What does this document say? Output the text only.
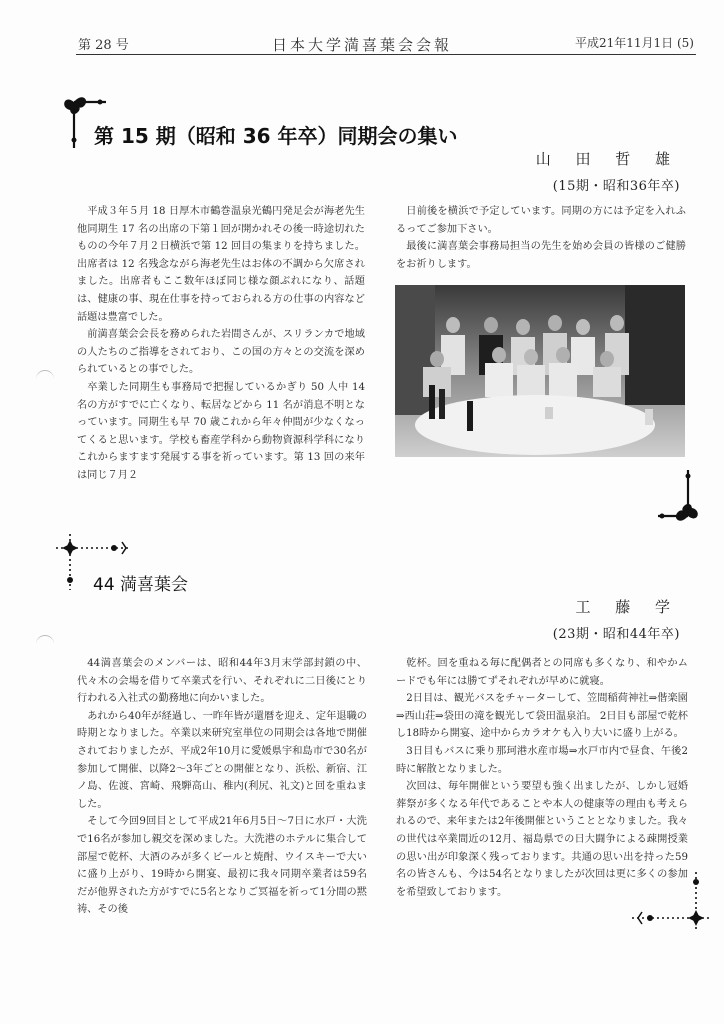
第 28 号	日本大学満喜葉会会報	平成21年11月1日 (5)
第 15 期（昭和 36 年卒）同期会の集い
山 田 哲 雄
(15期・昭和36年卒)

平成３年５月 18 日厚木市鶴巻温泉光鶴円発足会が海老先生他同期生 17 名の出席の下第１回が開かれその後一時途切れたものの今年７月２日横浜で第 12 回目の集まりを持ちました。出席者は 12 名残念ながら海老先生はお体の不調から欠席されました。出席者もここ数年ほぼ同じ様な顔ぶれになり、話題は、健康の事、現在仕事を持っておられる方の仕事の内容など話題は豊富でした。

前満喜葉会会長を務められた岩間さんが、スリランカで地域の人たちのご指導をされており、この国の方々との交流を深められているとの事でした。

卒業した同期生も事務局で把握しているかぎり 50 人中 14 名の方がすでに亡くなり、転居などから 11 名が消息不明となっています。同期生も早 70 歳これから年々仲間が少なくなってくると思います。学校も畜産学科から動物資源科学科になりこれからますます発展する事を祈っています。第 13 回の来年は同じ７月２

日前後を横浜で予定しています。同期の方には予定を入れふるってご参加下さい。

最後に満喜葉会事務局担当の先生を始め会員の皆様のご健勝をお祈りします。

44 満喜葉会
工 藤 学
(23期・昭和44年卒)

44満喜葉会のメンバーは、昭和44年3月末学部封鎖の中、代々木の会場を借りて卒業式を行い、それぞれに二日後にとり行われる入社式の勤務地に向かいました。

あれから40年が経過し、一昨年皆が還暦を迎え、定年退職の時期となりました。卒業以来研究室単位の同期会は各地で開催されておりましたが、平成2年10月に愛媛県宇和島市で30名が参加して開催、以降2～3年ごとの開催となり、浜松、新宿、江ノ島、佐渡、宮崎、飛騨高山、稚内(利尻、礼文)と回を重ねました。

そして今回9回目として平成21年6月5日～7日に水戸・大洗で16名が参加し親交を深めました。大洗港のホテルに集合して部屋で乾杯、大酒のみが多くビールと焼酎、ウイスキーで大いに盛り上がり、19時から開宴、最初に我々同期卒業者は59名だが他界された方がすでに5名となりご冥福を祈って1分間の黙祷、その後

乾杯。回を重ねる毎に配偶者との同席も多くなり、和やかムードでも年には勝てずそれぞれが早めに就寝。

2日目は、観光バスをチャーターして、笠間稲荷神社⇒偕楽園⇒西山荘⇒袋田の滝を観光して袋田温泉泊。 2日目も部屋で乾杯し18時から開宴、途中からカラオケも入り大いに盛り上がる。

3日目もバスに乗り那珂港水産市場⇒水戸市内で昼食、午後2時に解散となりました。

次回は、毎年開催という要望も強く出ましたが、しかし冠婚葬祭が多くなる年代であることや本人の健康等の理由も考えられるので、来年または2年後開催ということとなりました。我々の世代は卒業間近の12月、福島県での日大闘争による疎開授業の思い出が印象深く残っております。共通の思い出を持った59名の皆さんも、今は54名となりましたが次回は更に多くの参加を希望致しております。
